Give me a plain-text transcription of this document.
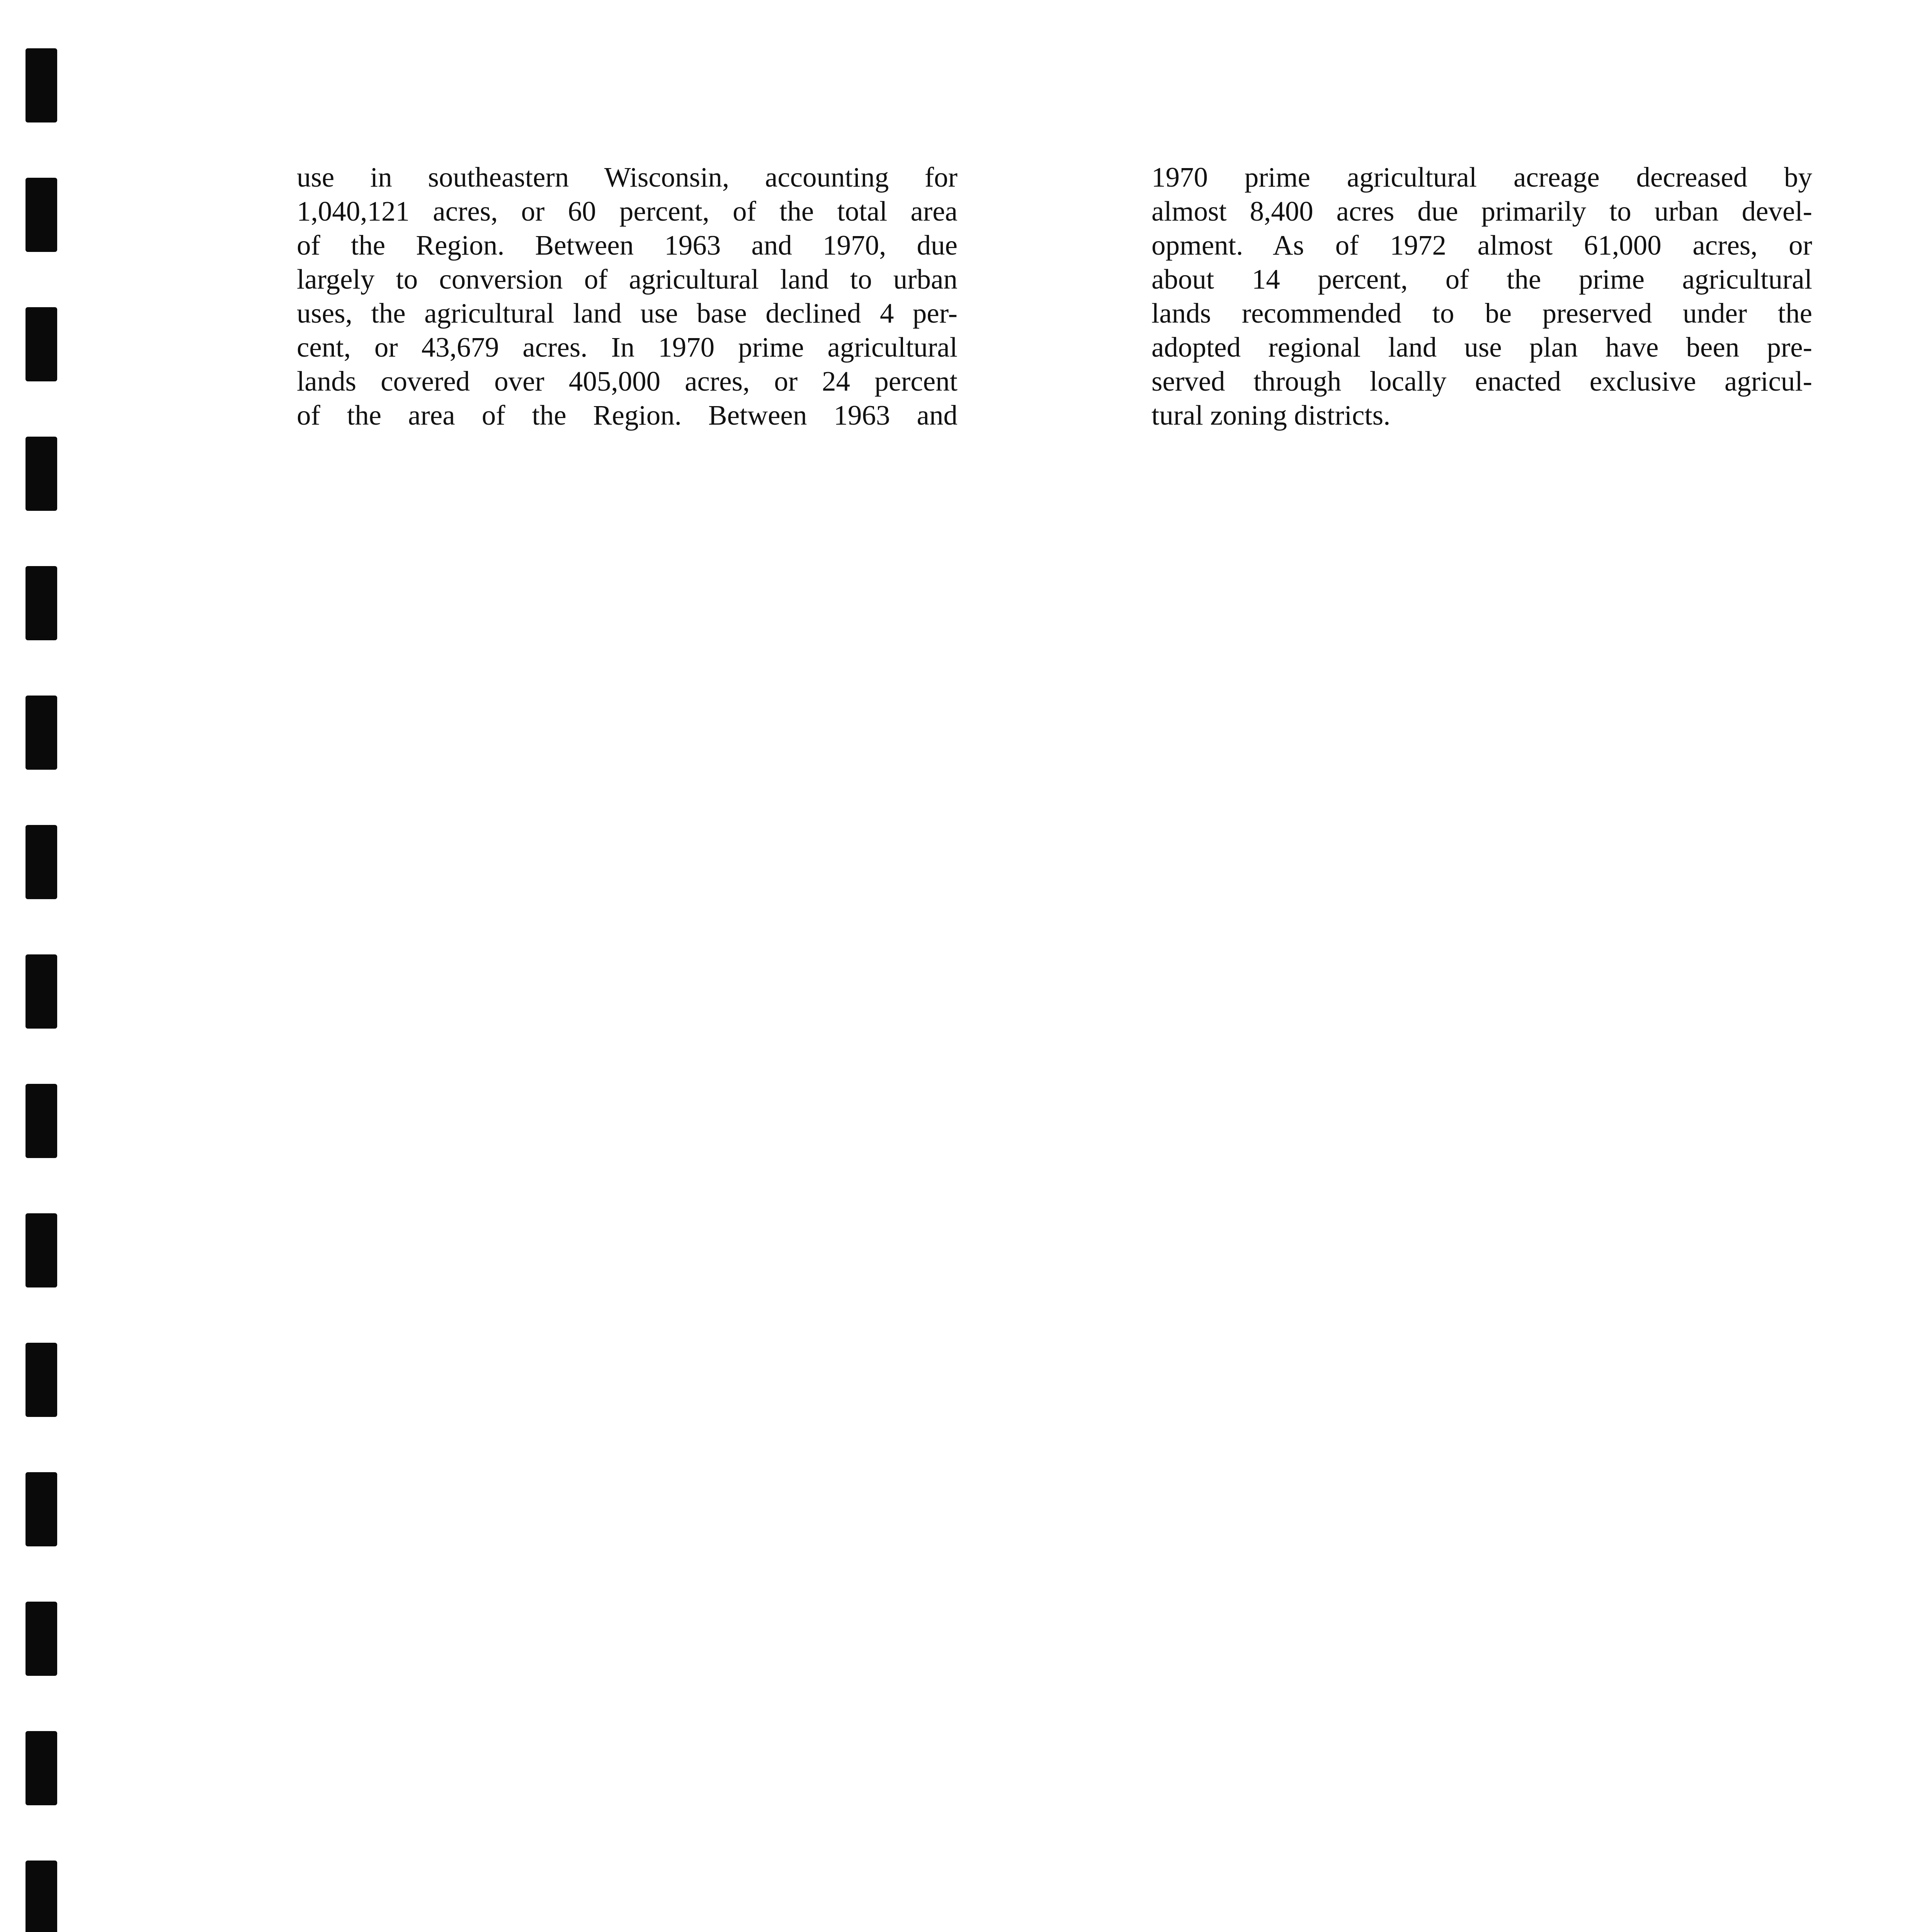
use in southeastern Wisconsin, accounting for
1,040,121 acres, or 60 percent, of the total area
of the Region. Between 1963 and 1970, due
largely to conversion of agricultural land to urban
uses, the agricultural land use base declined 4 per-
cent, or 43,679 acres. In 1970 prime agricultural
lands covered over 405,000 acres, or 24 percent
of the area of the Region. Between 1963 and
1970 prime agricultural acreage decreased by
almost 8,400 acres due primarily to urban devel-
opment. As of 1972 almost 61,000 acres, or
about 14 percent, of the prime agricultural
lands recommended to be preserved under the
adopted regional land use plan have been pre-
served through locally enacted exclusive agricul-
tural zoning districts.
